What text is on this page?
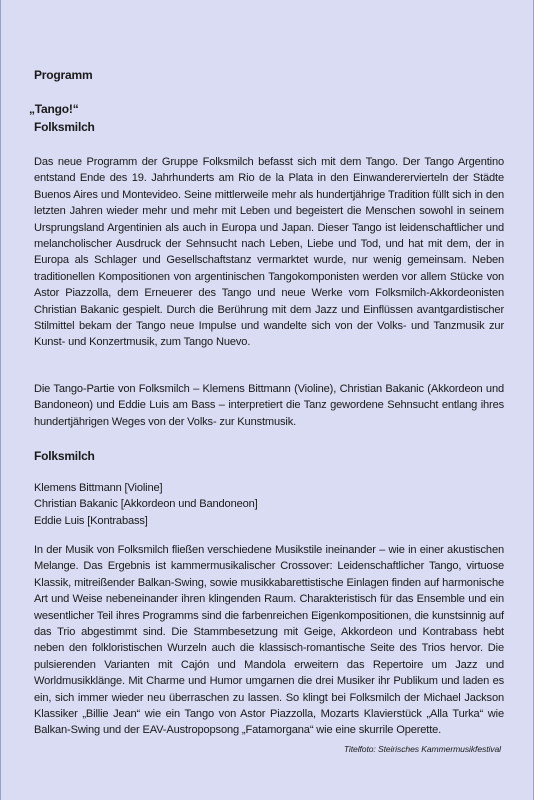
Programm
„Tango!“
Folksmilch
Das neue Programm der Gruppe Folksmilch befasst sich mit dem Tango. Der Tango Argentino entstand Ende des 19. Jahrhunderts am Rio de la Plata in den Einwanderervierteln der Städte Buenos Aires und Montevideo. Seine mittlerweile mehr als hundertjährige Tradition füllt sich in den letzten Jahren wieder mehr und mehr mit Leben und begeistert die Menschen sowohl in seinem Ursprungsland Argentinien als auch in Europa und Japan. Dieser Tango ist leidenschaftlicher und melancholischer Ausdruck der Sehnsucht nach Leben, Liebe und Tod, und hat mit dem, der in Europa als Schlager und Gesellschaftstanz vermarktet wurde, nur wenig gemeinsam. Neben traditionellen Kompositionen von argentinischen Tangokomponisten werden vor allem Stücke von Astor Piazzolla, dem Erneuerer des Tango und neue Werke vom Folksmilch-Akkordeonisten Christian Bakanic gespielt. Durch die Berührung mit dem Jazz und Einflüssen avantgardistischer Stilmittel bekam der Tango neue Impulse und wandelte sich von der Volks- und Tanzmusik zur Kunst- und Konzertmusik, zum Tango Nuevo.
Die Tango-Partie von Folksmilch – Klemens Bittmann (Violine), Christian Bakanic (Akkordeon und Bandoneon) und Eddie Luis am Bass – interpretiert die Tanz gewordene Sehnsucht entlang ihres hundertjährigen Weges von der Volks- zur Kunstmusik.
Folksmilch
Klemens Bittmann [Violine]
Christian Bakanic [Akkordeon und Bandoneon]
Eddie Luis [Kontrabass]
In der Musik von Folksmilch fließen verschiedene Musikstile ineinander – wie in einer akustischen Melange. Das Ergebnis ist kammermusikalischer Crossover: Leidenschaftlicher Tango, virtuose Klassik, mitreißender Balkan-Swing, sowie musikkabarettistische Einlagen finden auf harmonische Art und Weise nebeneinander ihren klingenden Raum. Charakteristisch für das Ensemble und ein wesentlicher Teil ihres Programms sind die farbenreichen Eigenkompositionen, die kunstsinnig auf das Trio abgestimmt sind. Die Stammbesetzung mit Geige, Akkordeon und Kontrabass hebt neben den folkloristischen Wurzeln auch die klassisch-romantische Seite des Trios hervor. Die pulsierenden Varianten mit Cajón und Mandola erweitern das Repertoire um Jazz und Worldmusikklänge. Mit Charme und Humor umgarnen die drei Musiker ihr Publikum und laden es ein, sich immer wieder neu überraschen zu lassen. So klingt bei Folksmilch der Michael Jackson Klassiker „Billie Jean“ wie ein Tango von Astor Piazzolla, Mozarts Klavierstück „Alla Turka“ wie Balkan-Swing und der EAV-Austropopsong „Fatamorgana“ wie eine skurrile Operette.
Titelfoto: Steirisches Kammermusikfestival
